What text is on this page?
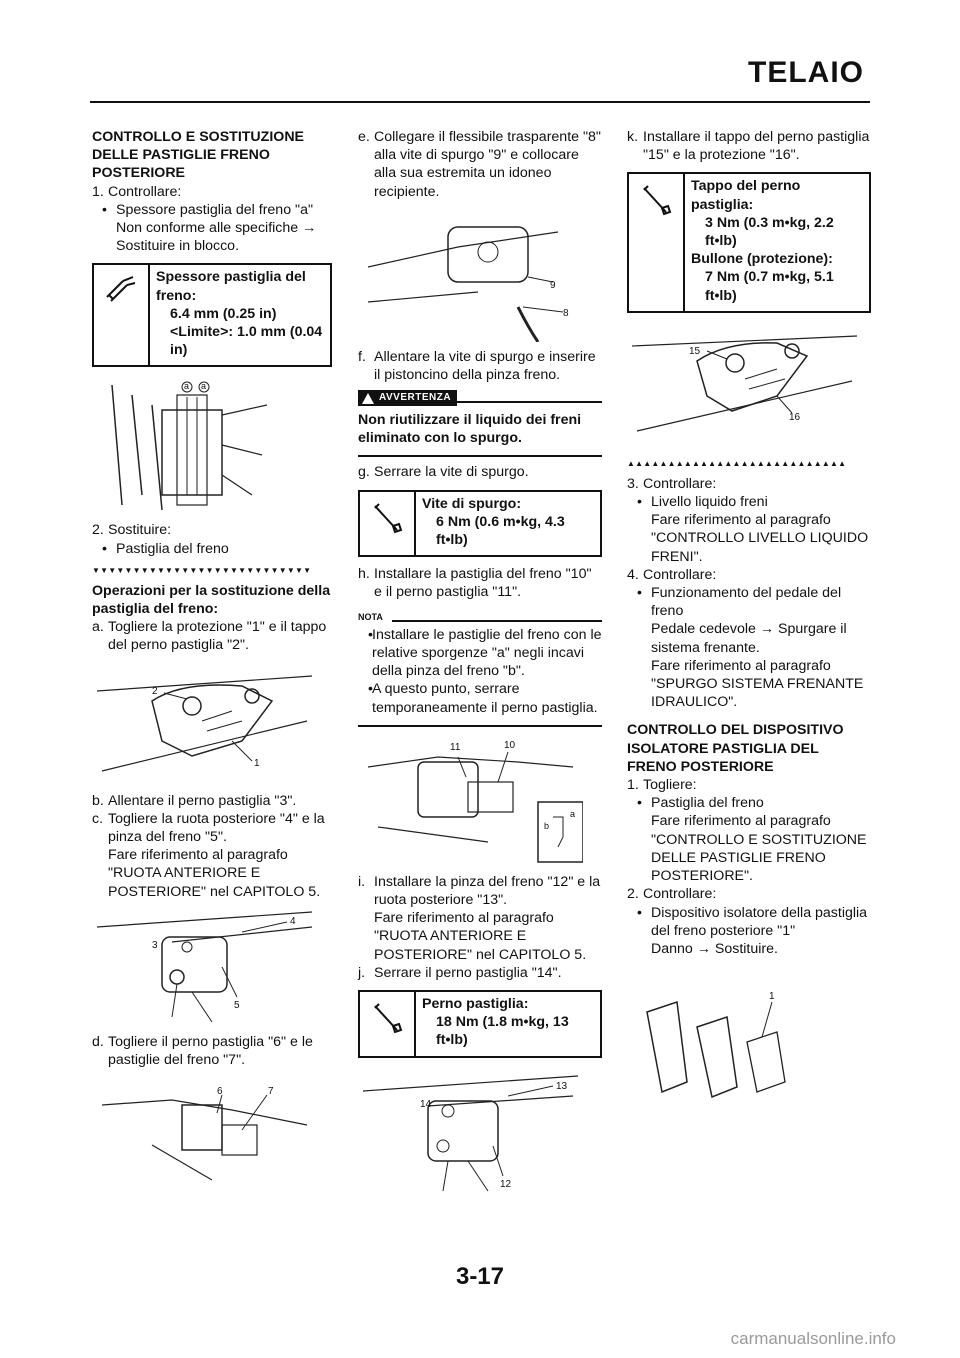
TELAIO

CONTROLLO E SOSTITUZIONE DELLE PASTIGLIE FRENO POSTERIORE

1. Controllare:

• Spessore pastiglia del freno "a"

Non conforme alle specifiche →

Sostituire in blocco.

Spessore pastiglia del freno:

6.4 mm (0.25 in)

<Limite>: 1.0 mm (0.04 in)

a a

2. Sostituire:

• Pastiglia del freno

▼▼▼▼▼▼▼▼▼▼▼▼▼▼▼▼▼▼▼▼▼▼▼▼▼▼▼

Operazioni per la sostituzione della pastiglia del freno:

a. Togliere la protezione "1" e il tappo del perno pastiglia "2".

2
1

b. Allentare il perno pastiglia "3".

c. Togliere la ruota posteriore "4" e la pinza del freno "5".

Fare riferimento al paragrafo "RUOTA ANTERIORE E POSTERIORE" nel CAPITOLO 5.

3
4
5

d. Togliere il perno pastiglia "6" e le pastiglie del freno "7".

6	7

e. Collegare il flessibile trasparente "8" alla vite di spurgo "9" e collocare alla sua estremita un idoneo recipiente.

9
8

f. Allentare la vite di spurgo e inserire il pistoncino della pinza freno.

AVVERTENZA

Non riutilizzare il liquido dei freni eliminato con lo spurgo.

g. Serrare la vite di spurgo.

Vite di spurgo:

6 Nm (0.6 m•kg, 4.3 ft•lb)

h. Installare la pastiglia del freno "10" e il perno pastiglia "11".

NOTA

• Installare le pastiglie del freno con le relative sporgenze "a" negli incavi della pinza del freno "b".

• A questo punto, serrare temporaneamente il perno pastiglia.

11	10
a
b

i. Installare la pinza del freno "12" e la ruota posteriore "13".

Fare riferimento al paragrafo "RUOTA ANTERIORE E POSTERIORE" nel CAPITOLO 5.

j. Serrare il perno pastiglia "14".

Perno pastiglia:

18 Nm (1.8 m•kg, 13 ft•lb)

14
13
12

k. Installare il tappo del perno pastiglia "15" e la protezione "16".

Tappo del perno pastiglia:

3 Nm (0.3 m•kg, 2.2 ft•lb)

Bullone (protezione):

7 Nm (0.7 m•kg, 5.1 ft•lb)

15
16
▲▲▲▲▲▲▲▲▲▲▲▲▲▲▲▲▲▲▲▲▲▲▲▲▲▲▲

3. Controllare:

• Livello liquido freni

Fare riferimento al paragrafo "CONTROLLO LIVELLO LIQUIDO FRENI".

4. Controllare:

• Funzionamento del pedale del freno

Pedale cedevole → Spurgare il sistema frenante.

Fare riferimento al paragrafo "SPURGO SISTEMA FRENANTE IDRAULICO".

CONTROLLO DEL DISPOSITIVO ISOLATORE PASTIGLIA DEL FRENO POSTERIORE

1. Togliere:

• Pastiglia del freno

Fare riferimento al paragrafo "CONTROLLO E SOSTITUZIONE DELLE PASTIGLIE FRENO POSTERIORE".

2. Controllare:

• Dispositivo isolatore della pastiglia del freno posteriore "1"

Danno → Sostituire.

1
3-17
carmanualsonline.info
